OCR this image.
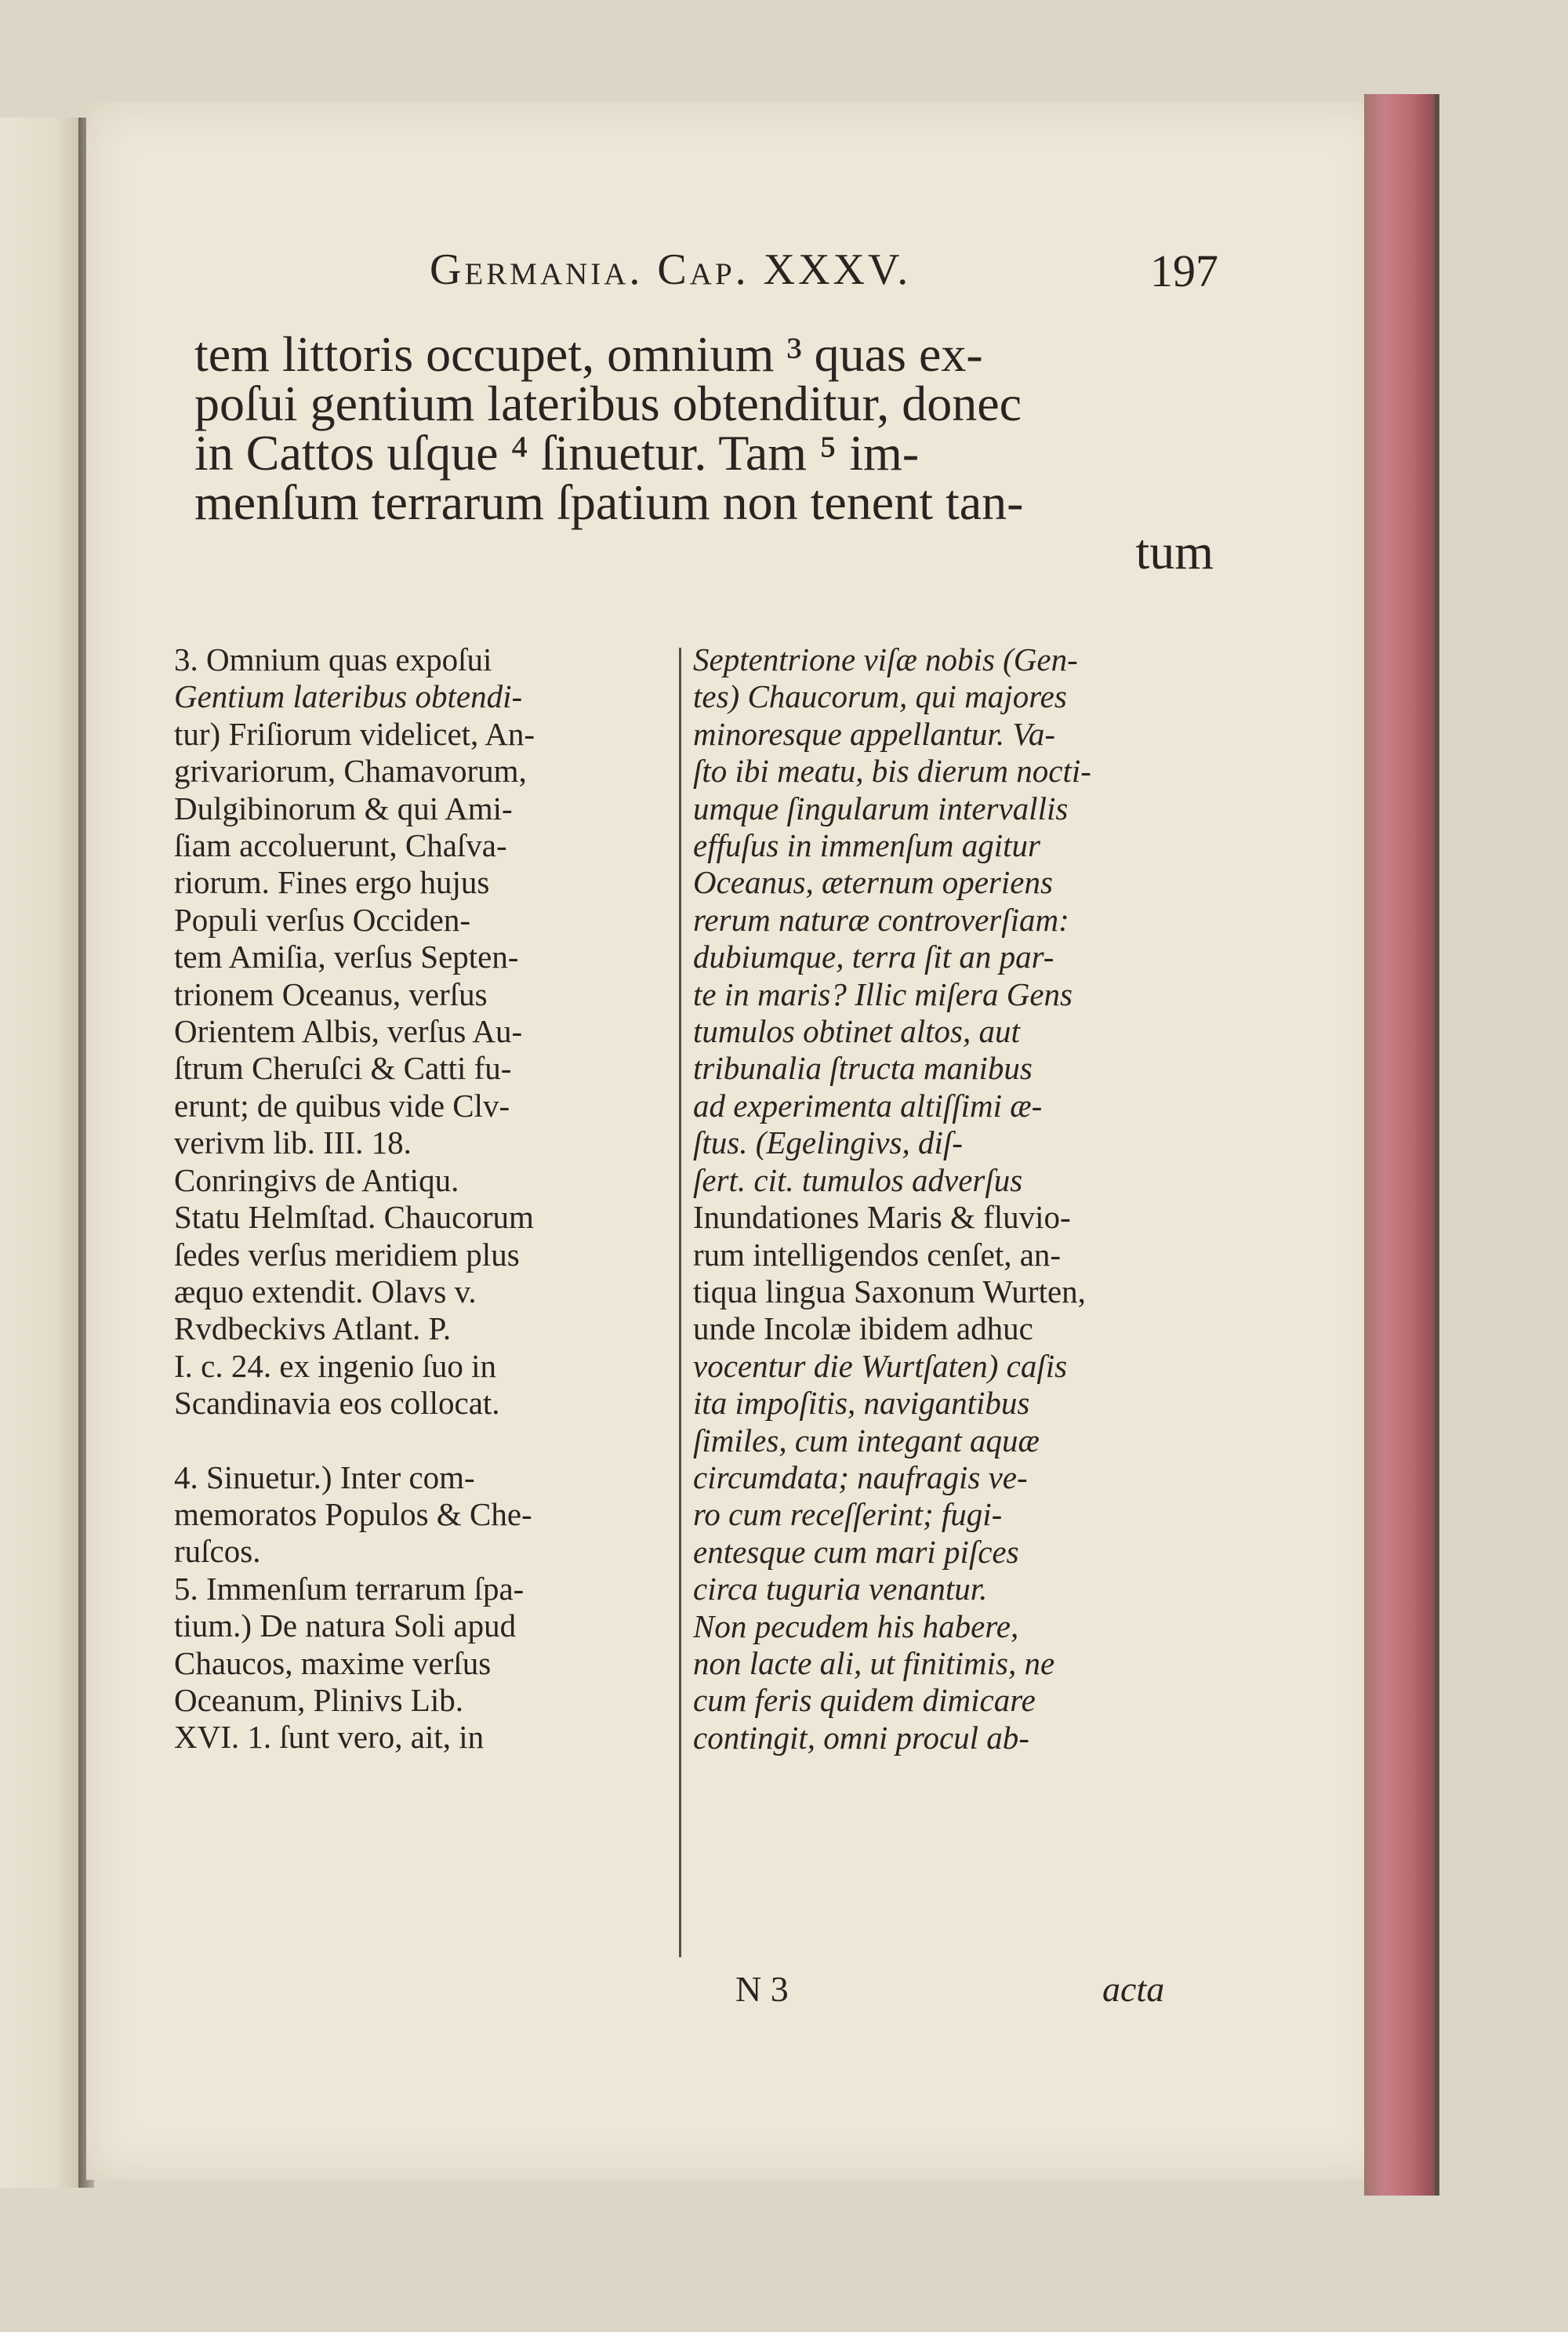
Germania. Cap. XXXV.	197
tem littoris occupet, omnium ³ quas ex-
poſui gentium lateribus obtenditur, donec
in Cattos uſque ⁴ ſinuetur. Tam ⁵ im-
menſum terrarum ſpatium non tenent tan-
tum
3. Omnium quas expoſui
Gentium lateribus obtendi-
tur) Friſiorum videlicet, An-
grivariorum, Chamavorum,
Dulgibinorum & qui Ami-
ſiam accoluerunt, Chaſva-
riorum. Fines ergo hujus
Populi verſus Occiden-
tem Amiſia, verſus Septen-
trionem Oceanus, verſus
Orientem Albis, verſus Au-
ſtrum Cheruſci & Catti fu-
erunt; de quibus vide Clv-
verivm lib. III. 18.
Conringivs de Antiqu.
Statu Helmſtad. Chaucorum
ſedes verſus meridiem plus
æquo extendit. Olavs v.
Rvdbeckivs Atlant. P.
I. c. 24. ex ingenio ſuo in
Scandinavia eos collocat.
4. Sinuetur.) Inter com-
memoratos Populos & Che-
ruſcos.
5. Immenſum terrarum ſpa-
tium.) De natura Soli apud
Chaucos, maxime verſus
Oceanum, Plinivs Lib.
XVI. 1. ſunt vero, ait, in
Septentrione viſæ nobis (Gen-
tes) Chaucorum, qui majores
minoresque appellantur. Va-
ſto ibi meatu, bis dierum nocti-
umque ſingularum intervallis
effuſus in immenſum agitur
Oceanus, æternum operiens
rerum naturæ controverſiam:
dubiumque, terra ſit an par-
te in maris? Illic miſera Gens
tumulos obtinet altos, aut
tribunalia ſtructa manibus
ad experimenta altiſſimi æ-
ſtus. (Egelingivs, diſ-
ſert. cit. tumulos adverſus
Inundationes Maris & fluvio-
rum intelligendos cenſet, an-
tiqua lingua Saxonum Wurten,
unde Incolæ ibidem adhuc
vocentur die Wurtſaten) caſis
ita impoſitis, navigantibus
ſimiles, cum integant aquæ
circumdata; naufragis ve-
ro cum receſſerint; fugi-
entesque cum mari piſces
circa tuguria venantur.
Non pecudem his habere,
non lacte ali, ut finitimis, ne
cum feris quidem dimicare
contingit, omni procul ab-
N 3	acta
